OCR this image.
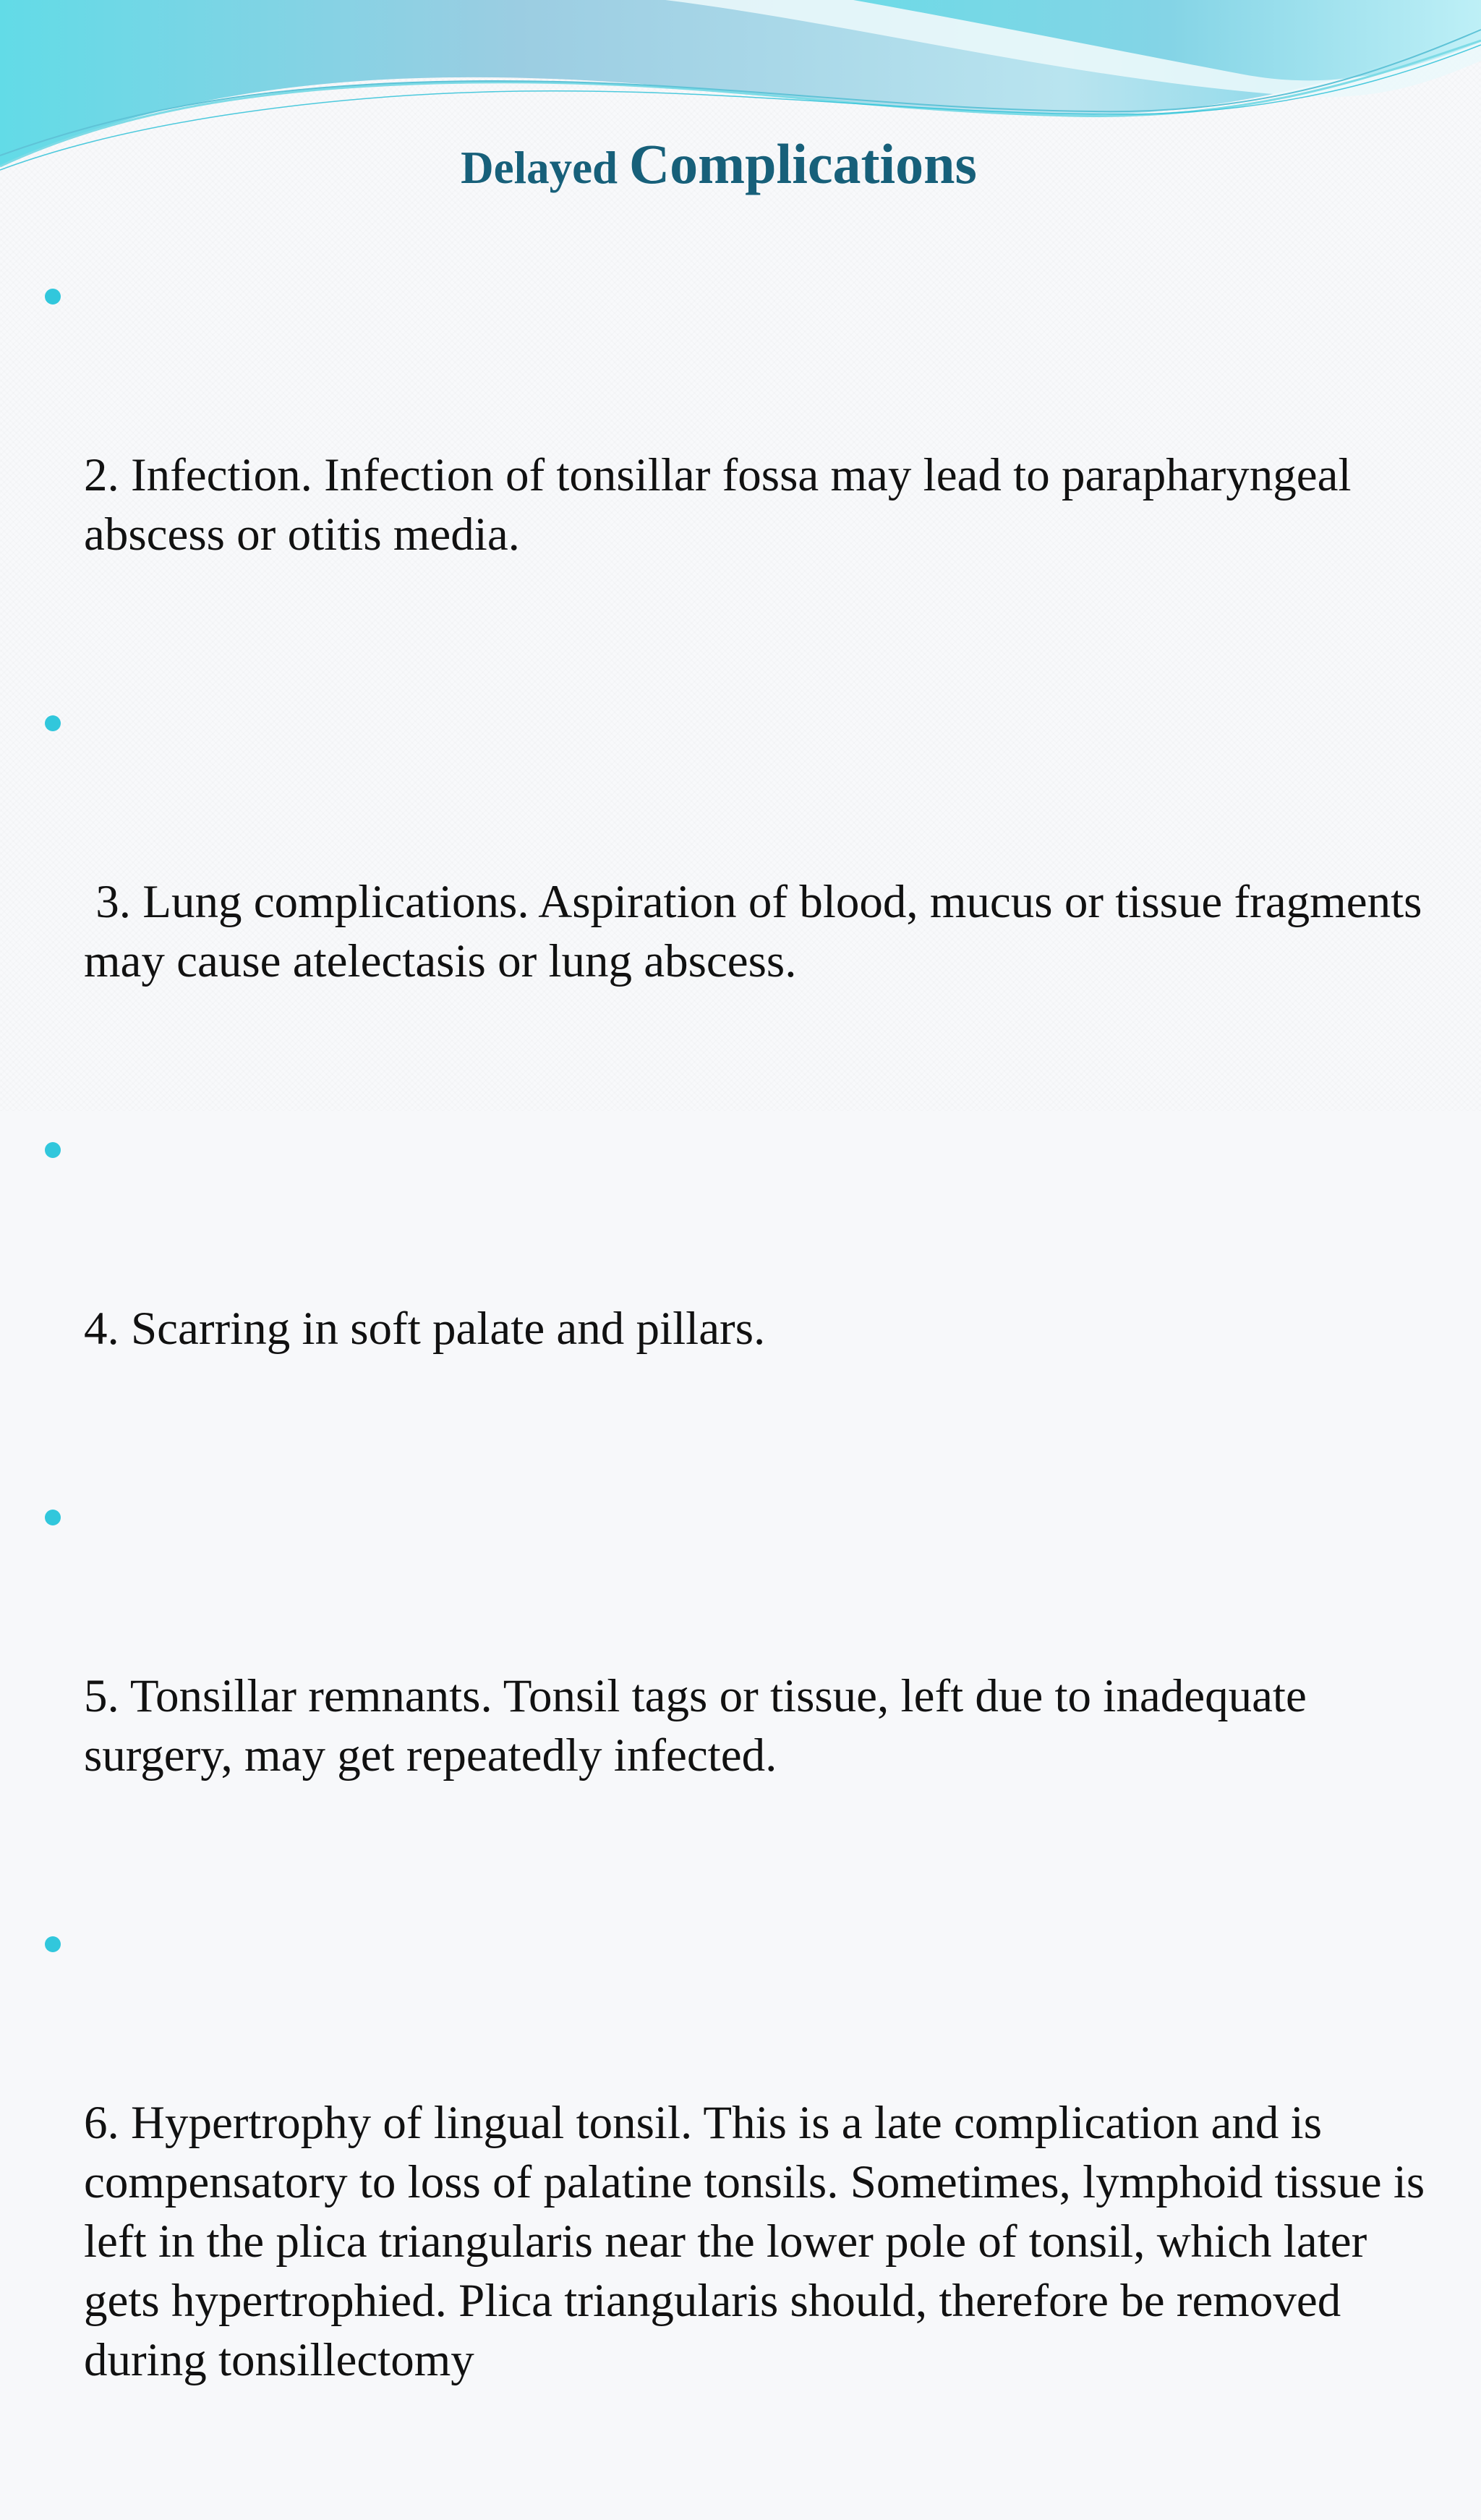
Delayed Complications

2. Infection. Infection of tonsillar fossa may lead to parapharyngeal abscess or otitis media.

3. Lung complications. Aspiration of blood, mucus or tissue fragments may cause atelectasis or lung abscess.

4. Scarring in soft palate and pillars.

5. Tonsillar remnants. Tonsil tags or tissue, left due to inadequate surgery, may get repeatedly infected.

6. Hypertrophy of lingual tonsil. This is a late complication and is compensatory to loss of palatine tonsils. Sometimes, lymphoid tissue is left in the plica triangularis near the lower pole of tonsil, which later gets hypertrophied. Plica triangularis should, therefore be removed during tonsillectomy
